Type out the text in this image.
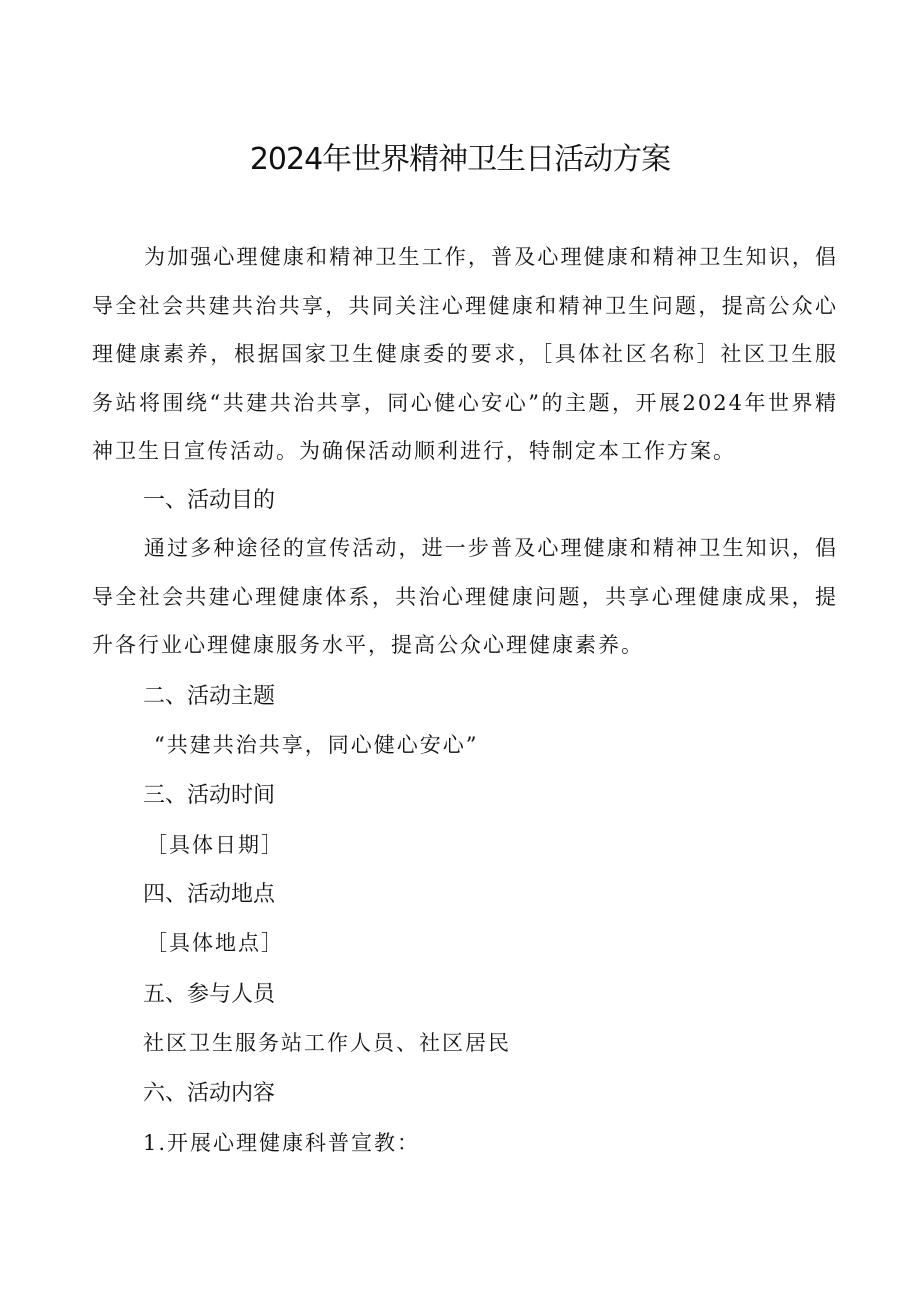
2024年世界精神卫生日活动方案

为加强心理健康和精神卫生工作，普及心理健康和精神卫生知识，倡导全社会共建共治共享，共同关注心理健康和精神卫生问题，提高公众心理健康素养，根据国家卫生健康委的要求，［具体社区名称］社区卫生服务站将围绕“共建共治共享，同心健心安心”的主题，开展2024年世界精神卫生日宣传活动。为确保活动顺利进行，特制定本工作方案。

一、活动目的

通过多种途径的宣传活动，进一步普及心理健康和精神卫生知识，倡导全社会共建心理健康体系，共治心理健康问题，共享心理健康成果，提升各行业心理健康服务水平，提高公众心理健康素养。

二、活动主题

“共建共治共享，同心健心安心”

三、活动时间

［具体日期］

四、活动地点

［具体地点］

五、参与人员

社区卫生服务站工作人员、社区居民

六、活动内容

1.开展心理健康科普宣教：
